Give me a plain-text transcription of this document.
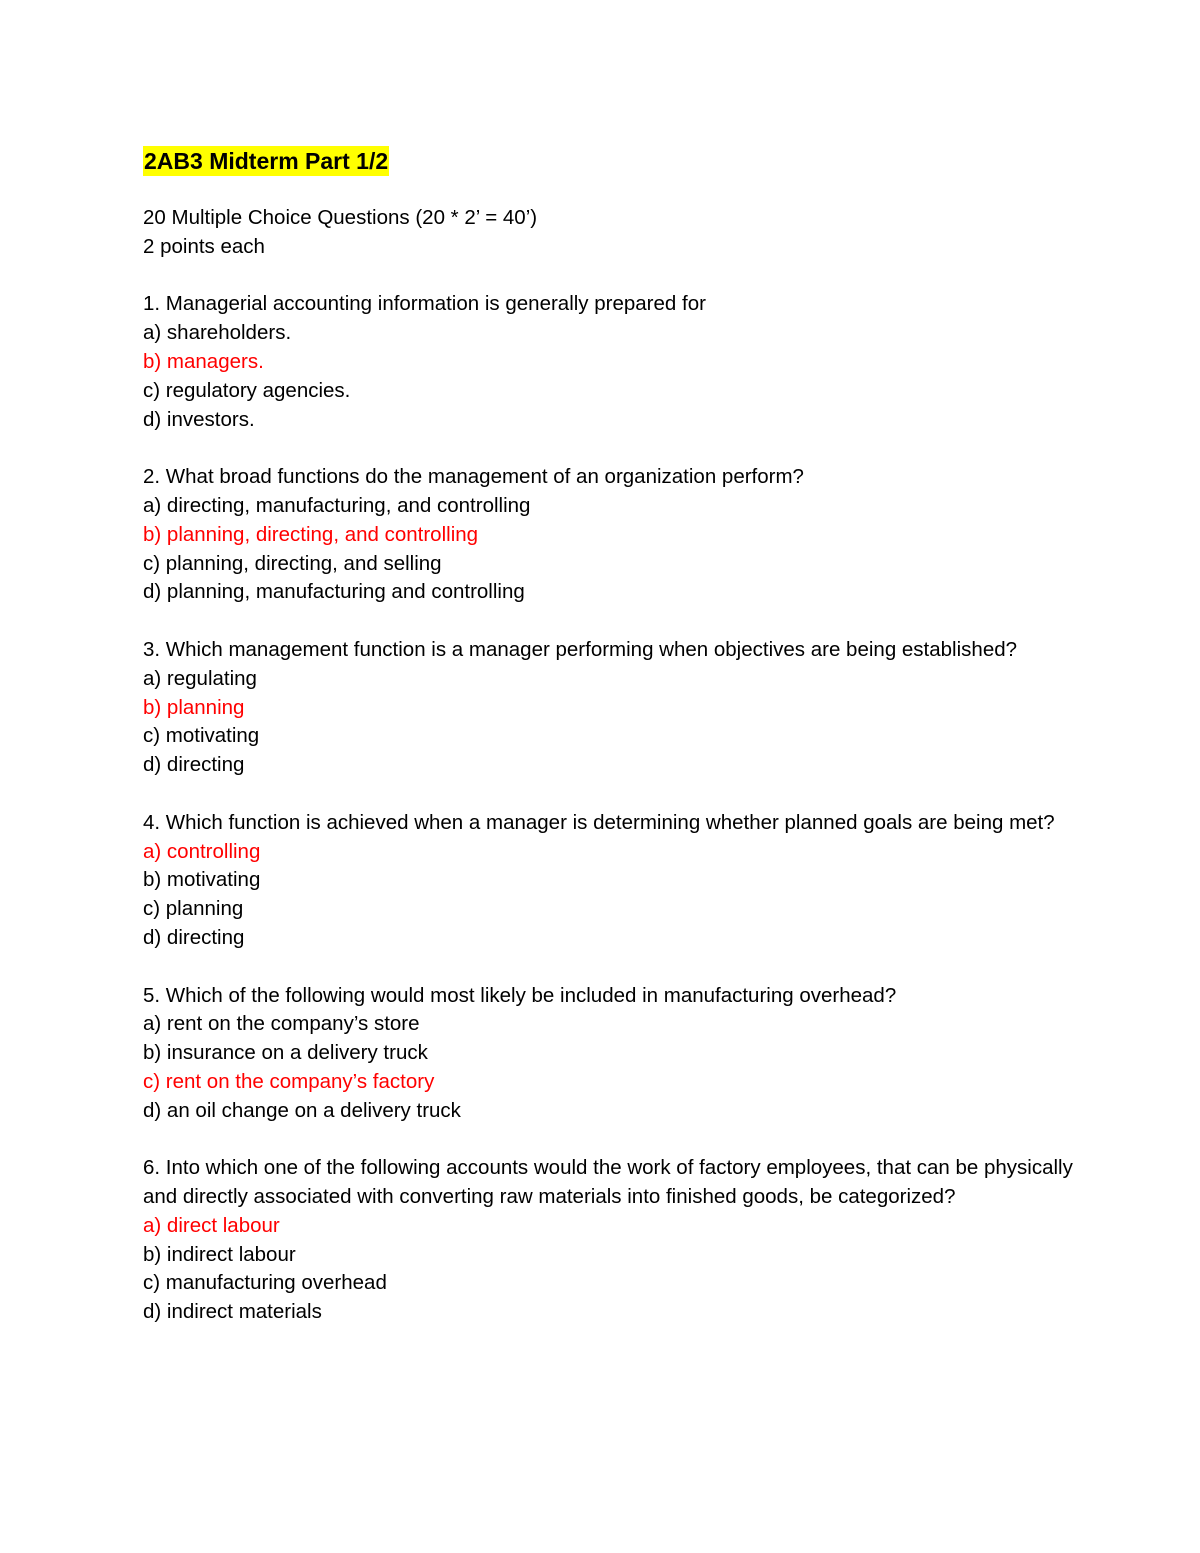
2AB3 Midterm Part 1/2
20 Multiple Choice Questions (20 * 2’ = 40’)
2 points each
1. Managerial accounting information is generally prepared for
a) shareholders.
b) managers.
c) regulatory agencies.
d) investors.
2. What broad functions do the management of an organization perform?
a) directing, manufacturing, and controlling
b) planning, directing, and controlling
c) planning, directing, and selling
d) planning, manufacturing and controlling
3. Which management function is a manager performing when objectives are being established?
a) regulating
b) planning
c) motivating
d) directing
4. Which function is achieved when a manager is determining whether planned goals are being met?
a) controlling
b) motivating
c) planning
d) directing
5. Which of the following would most likely be included in manufacturing overhead?
a) rent on the company’s store
b) insurance on a delivery truck
c) rent on the company’s factory
d) an oil change on a delivery truck
6. Into which one of the following accounts would the work of factory employees, that can be physically and directly associated with converting raw materials into finished goods, be categorized?
a) direct labour
b) indirect labour
c) manufacturing overhead
d) indirect materials
